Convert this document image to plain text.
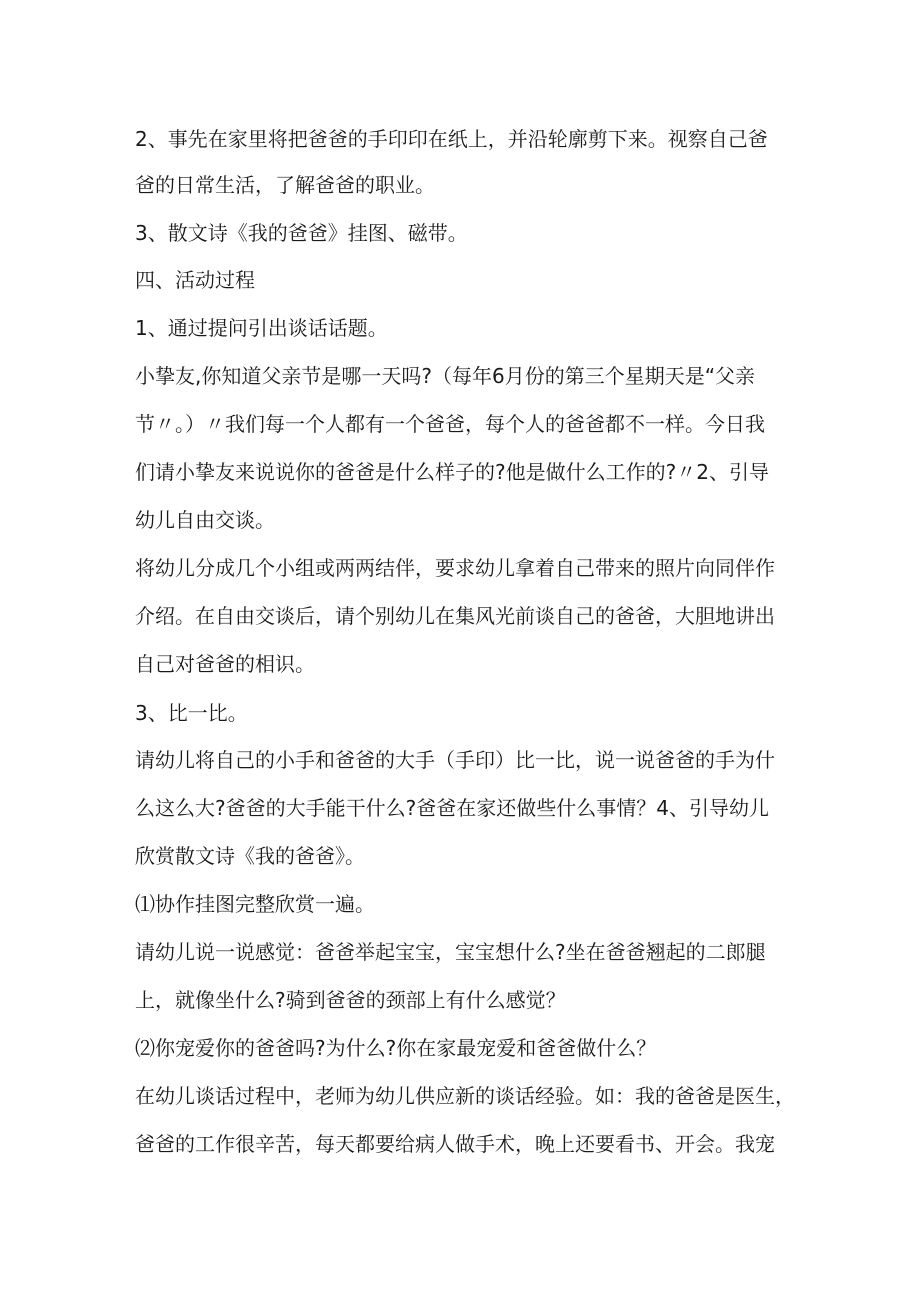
2、事先在家里将把爸爸的手印印在纸上，并沿轮廓剪下来。视察自己爸
爸的日常生活，了解爸爸的职业。
3、散文诗《我的爸爸》挂图、磁带。
四、活动过程
1、通过提问引出谈话话题。
小挚友,你知道父亲节是哪一天吗?（每年6月份的第三个星期天是“父亲
节〃。）〃我们每一个人都有一个爸爸，每个人的爸爸都不一样。今日我
们请小挚友来说说你的爸爸是什么样子的?他是做什么工作的?〃2、引导
幼儿自由交谈。
将幼儿分成几个小组或两两结伴，要求幼儿拿着自己带来的照片向同伴作
介绍。在自由交谈后，请个别幼儿在集风光前谈自己的爸爸，大胆地讲出
自己对爸爸的相识。
3、比一比。
请幼儿将自己的小手和爸爸的大手（手印）比一比，说一说爸爸的手为什
么这么大?爸爸的大手能干什么?爸爸在家还做些什么事情？4、引导幼儿
欣赏散文诗《我的爸爸》。
⑴协作挂图完整欣赏一遍。
请幼儿说一说感觉：爸爸举起宝宝，宝宝想什么?坐在爸爸翘起的二郎腿
上，就像坐什么?骑到爸爸的颈部上有什么感觉？
⑵你宠爱你的爸爸吗?为什么?你在家最宠爱和爸爸做什么？
在幼儿谈话过程中，老师为幼儿供应新的谈话经验。如：我的爸爸是医生，
爸爸的工作很辛苦，每天都要给病人做手术，晚上还要看书、开会。我宠
